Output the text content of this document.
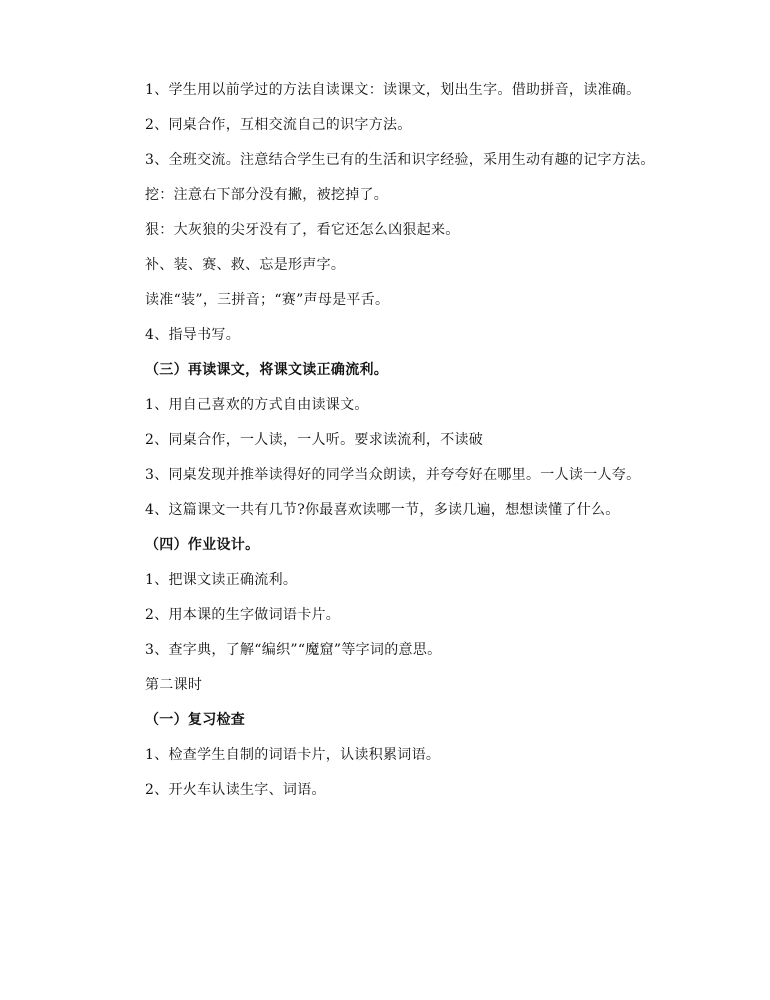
1、学生用以前学过的方法自读课文：读课文，划出生字。借助拼音，读准确。

2、同桌合作，互相交流自己的识字方法。

3、全班交流。注意结合学生已有的生活和识字经验，采用生动有趣的记字方法。

挖：注意右下部分没有撇，被挖掉了。

狠：大灰狼的尖牙没有了，看它还怎么凶狠起来。

补、装、赛、救、忘是形声字。

读准“装”，三拼音；“赛”声母是平舌。

4、指导书写。

（三）再读课文，将课文读正确流利。

1、用自己喜欢的方式自由读课文。

2、同桌合作，一人读，一人听。要求读流利，不读破

3、同桌发现并推举读得好的同学当众朗读，并夸夸好在哪里。一人读一人夸。

4、这篇课文一共有几节?你最喜欢读哪一节，多读几遍，想想读懂了什么。

（四）作业设计。

1、把课文读正确流利。

2、用本课的生字做词语卡片。

3、查字典，了解“编织”“魔窟”等字词的意思。

第二课时

（一）复习检查

1、检查学生自制的词语卡片，认读积累词语。

2、开火车认读生字、词语。
